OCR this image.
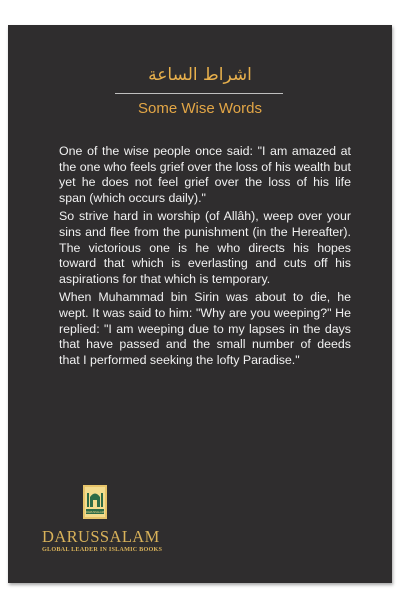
اشراط الساعة
Some Wise Words

One of the wise people once said: "I am amazed at the one who feels grief over the loss of his wealth but yet he does not feel grief over the loss of his life span (which occurs daily)."

So strive hard in worship (of Allâh), weep over your sins and flee from the punishment (in the Hereafter). The victorious one is he who directs his hopes toward that which is everlasting and cuts off his aspirations for that which is temporary.

When Muhammad bin Sirin was about to die, he wept. It was said to him: "Why are you weeping?" He replied: "I am weeping due to my lapses in the days that have passed and the small number of deeds that I performed seeking the lofty Paradise."

DARUSSALAM
DARUSSALAM
GLOBAL LEADER IN ISLAMIC BOOKS
